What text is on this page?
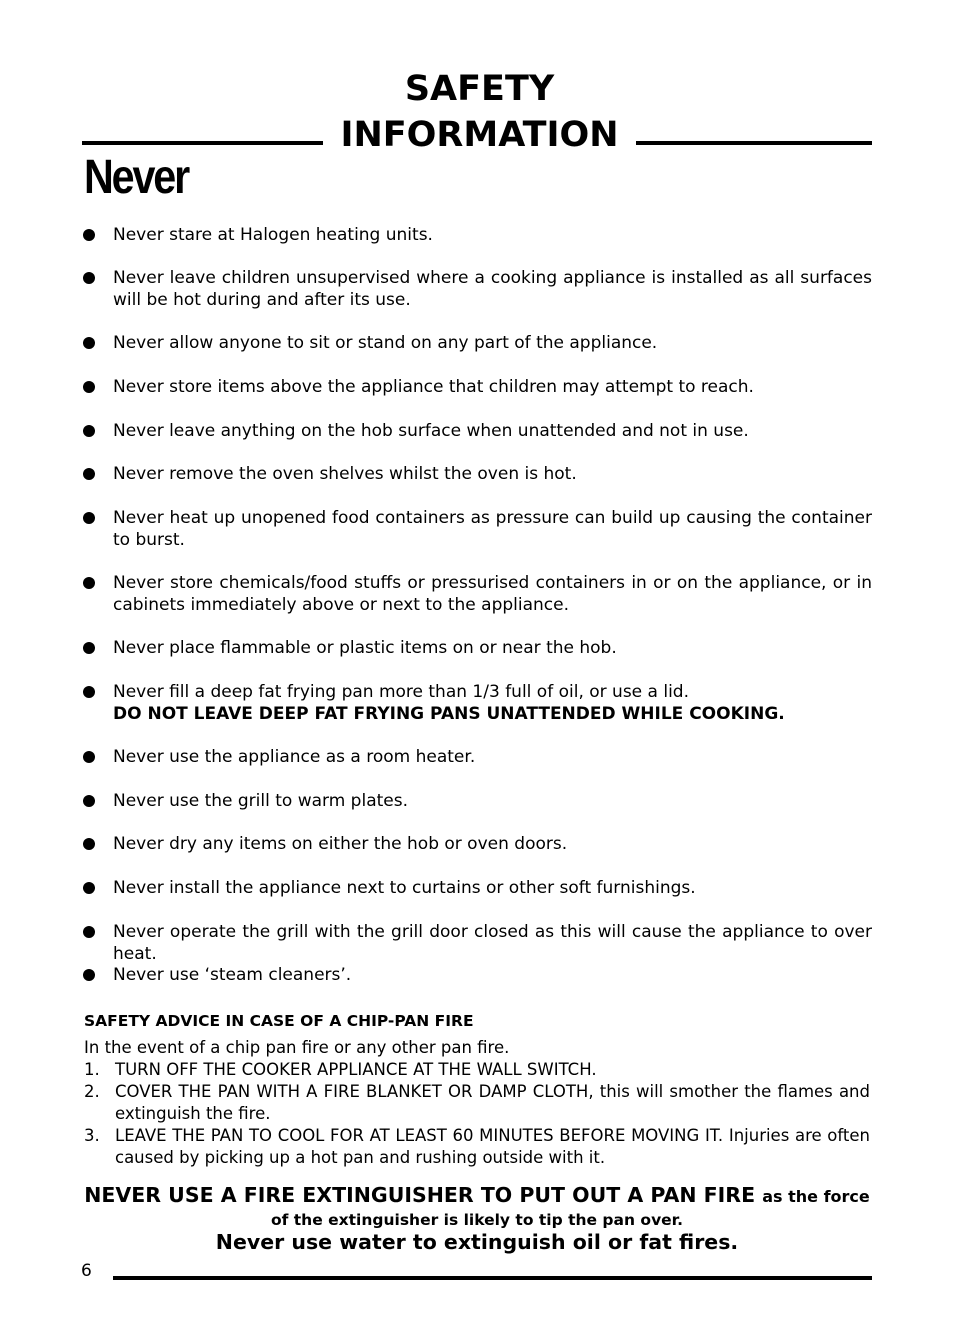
SAFETY
INFORMATION
Never
Never stare at Halogen heating units.
Never leave children unsupervised where a cooking appliance is installed as all surfaces will be hot during and after its use.
Never allow anyone to sit or stand on any part of the appliance.
Never store items above the appliance that children may attempt to reach.
Never leave anything on the hob surface when unattended and not in use.
Never remove the oven shelves whilst the oven is hot.
Never heat up unopened food containers as pressure can build up causing the container to burst.
Never store chemicals/food stuffs or pressurised containers in or on the appliance, or in cabinets immediately above or next to the appliance.
Never place flammable or plastic items on or near the hob.
Never fill a deep fat frying pan more than 1/3 full of oil, or use a lid.
DO NOT LEAVE DEEP FAT FRYING PANS UNATTENDED WHILE COOKING.
Never use the appliance as a room heater.
Never use the grill to warm plates.
Never dry any items on either the hob or oven doors.
Never install the appliance next to curtains or other soft furnishings.
Never operate the grill with the grill door closed as this will cause the appliance to over heat.
Never use ‘steam cleaners’.
SAFETY ADVICE IN CASE OF A CHIP-PAN FIRE
In the event of a chip pan fire or any other pan fire.
1. TURN OFF THE COOKER APPLIANCE AT THE WALL SWITCH.
2. COVER THE PAN WITH A FIRE BLANKET OR DAMP CLOTH, this will smother the flames and extinguish the fire.
3. LEAVE THE PAN TO COOL FOR AT LEAST 60 MINUTES BEFORE MOVING IT. Injuries are often caused by picking up a hot pan and rushing outside with it.
NEVER USE A FIRE EXTINGUISHER TO PUT OUT A PAN FIRE as the force
of the extinguisher is likely to tip the pan over.
Never use water to extinguish oil or fat fires.
6
